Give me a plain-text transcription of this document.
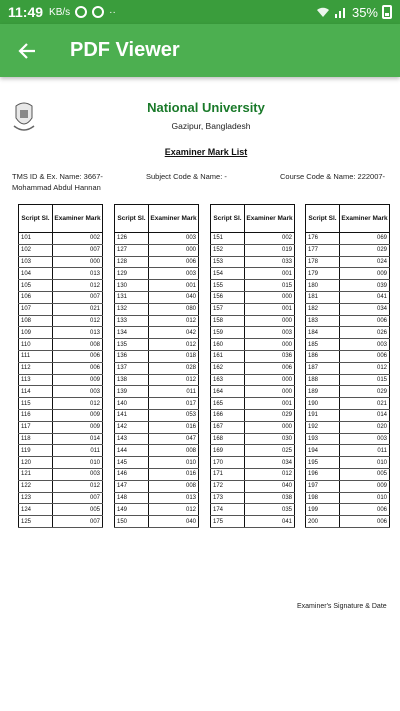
11:49 KB/s	··	35%
PDF Viewer
National University
Gazipur, Bangladesh
Examiner Mark List
TMS ID & Ex. Name: 3667-	Subject Code & Name: -	Course Code & Name: 222007-
Mohammad Abdul Hannan
Script Sl.	Examiner Mark
101	002
102	007
103	000
104	013
105	012
106	007
107	021
108	012
109	013
110	008
111	006
112	006
113	009
114	003
115	012
116	009
117	009
118	014
119	011
120	010
121	003
122	012
123	007
124	005
125	007
Script Sl.	Examiner Mark
126	003
127	000
128	006
129	003
130	001
131	040
132	080
133	012
134	042
135	012
136	018
137	028
138	012
139	011
140	017
141	053
142	016
143	047
144	008
145	010
146	016
147	008
148	013
149	012
150	040
Script Sl.	Examiner Mark
151	002
152	019
153	033
154	001
155	015
156	000
157	001
158	000
159	003
160	000
161	036
162	006
163	000
164	000
165	001
166	029
167	000
168	030
169	025
170	034
171	012
172	040
173	038
174	035
175	041
Script Sl.	Examiner Mark
176	069
177	029
178	024
179	009
180	039
181	041
182	034
183	006
184	026
185	003
186	006
187	012
188	015
189	029
190	021
191	014
192	020
193	003
194	011
195	010
196	005
197	009
198	010
199	006
200	006
Examiner's Signature & Date
